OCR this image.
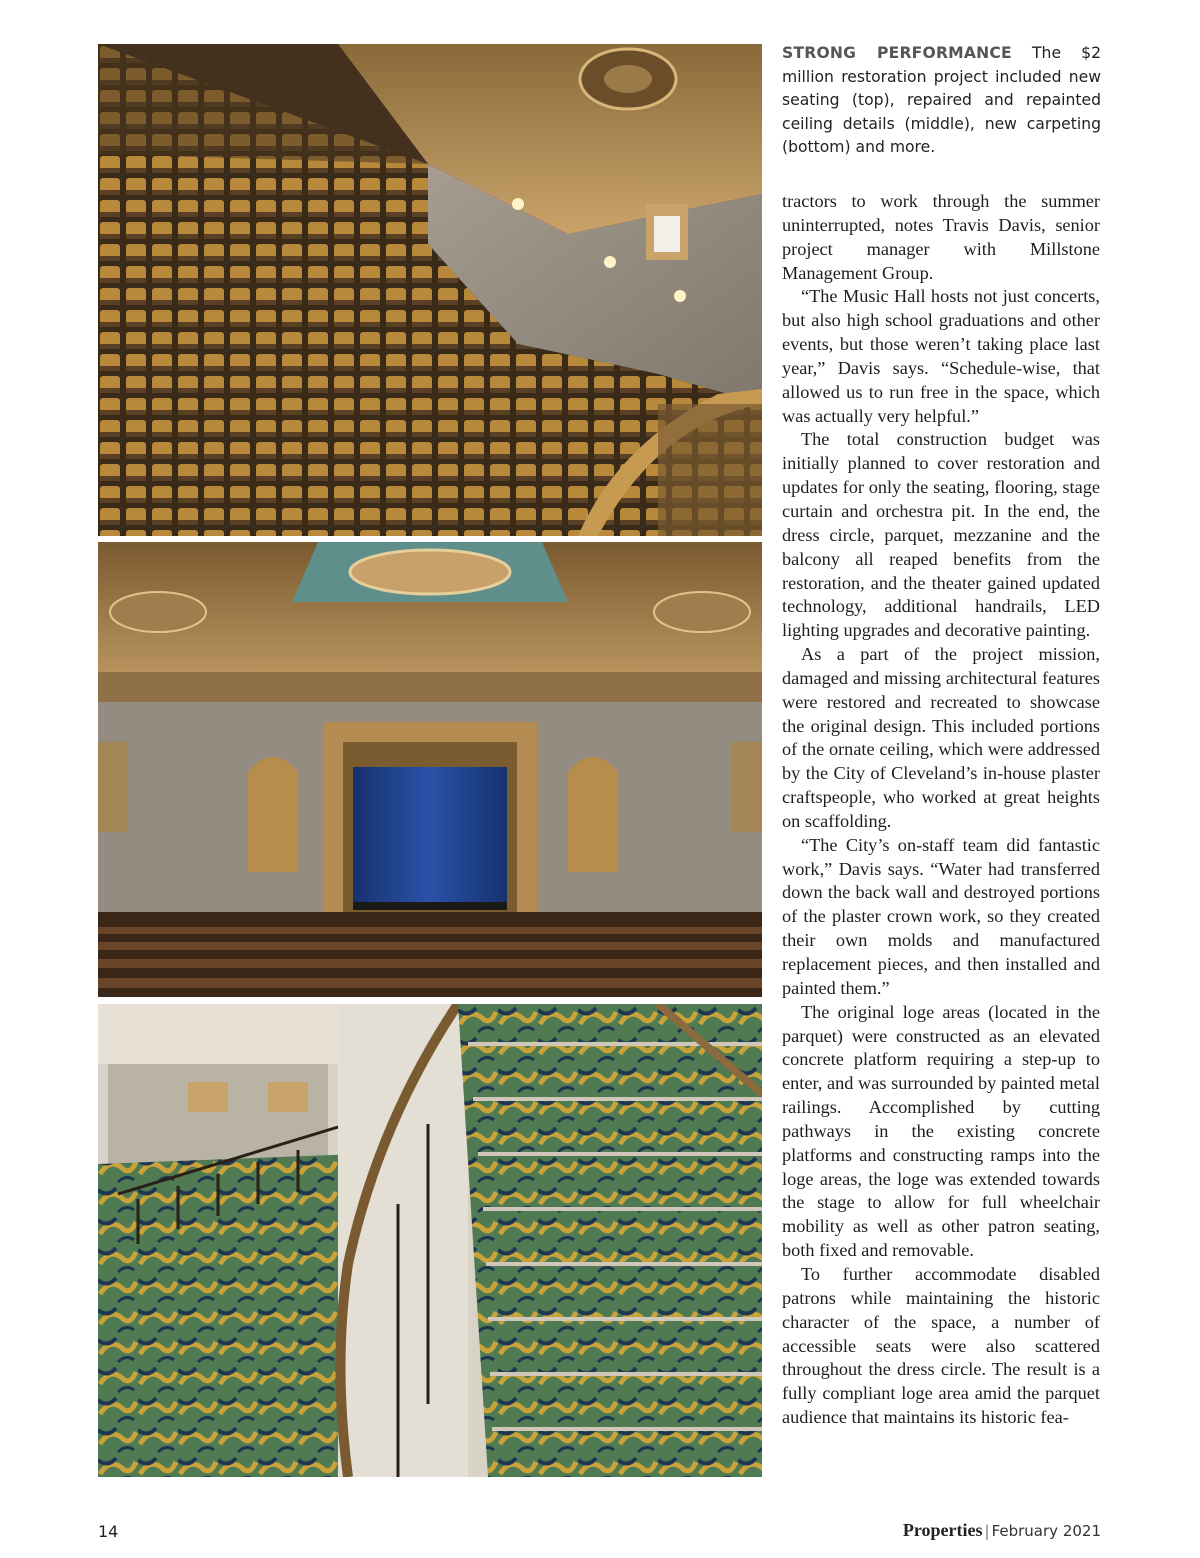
STRONG PERFORMANCE The $2 million restoration project included new seating (top), repaired and repainted ceiling details (middle), new carpeting (bottom) and more.

tractors to work through the summer uninterrupted, notes Travis Davis, senior project manager with Millstone Management Group.

“The Music Hall hosts not just concerts, but also high school graduations and other events, but those weren’t taking place last year,” Davis says. “Schedule-wise, that allowed us to run free in the space, which was actually very helpful.”

The total construction budget was initially planned to cover restoration and updates for only the seating, flooring, stage curtain and orchestra pit. In the end, the dress circle, parquet, mezzanine and the balcony all reaped benefits from the restoration, and the theater gained updated technology, additional handrails, LED lighting upgrades and decorative painting.

As a part of the project mission, damaged and missing architectural features were restored and recreated to showcase the original design. This included portions of the ornate ceiling, which were addressed by the City of Cleveland’s in-house plaster craftspeople, who worked at great heights on scaffolding.

“The City’s on-staff team did fantastic work,” Davis says. “Water had transferred down the back wall and destroyed portions of the plaster crown work, so they created their own molds and manufactured replacement pieces, and then installed and painted them.”

The original loge areas (located in the parquet) were constructed as an elevated concrete platform requiring a step-up to enter, and was surrounded by painted metal railings. Accomplished by cutting pathways in the existing concrete platforms and constructing ramps into the loge areas, the loge was extended towards the stage to allow for full wheelchair mobility as well as other patron seating, both fixed and removable.

To further accommodate disabled patrons while maintaining the historic character of the space, a number of accessible seats were also scattered throughout the dress circle. The result is a fully compliant loge area amid the parquet audience that maintains its historic fea-

14	Properties | February 2021
